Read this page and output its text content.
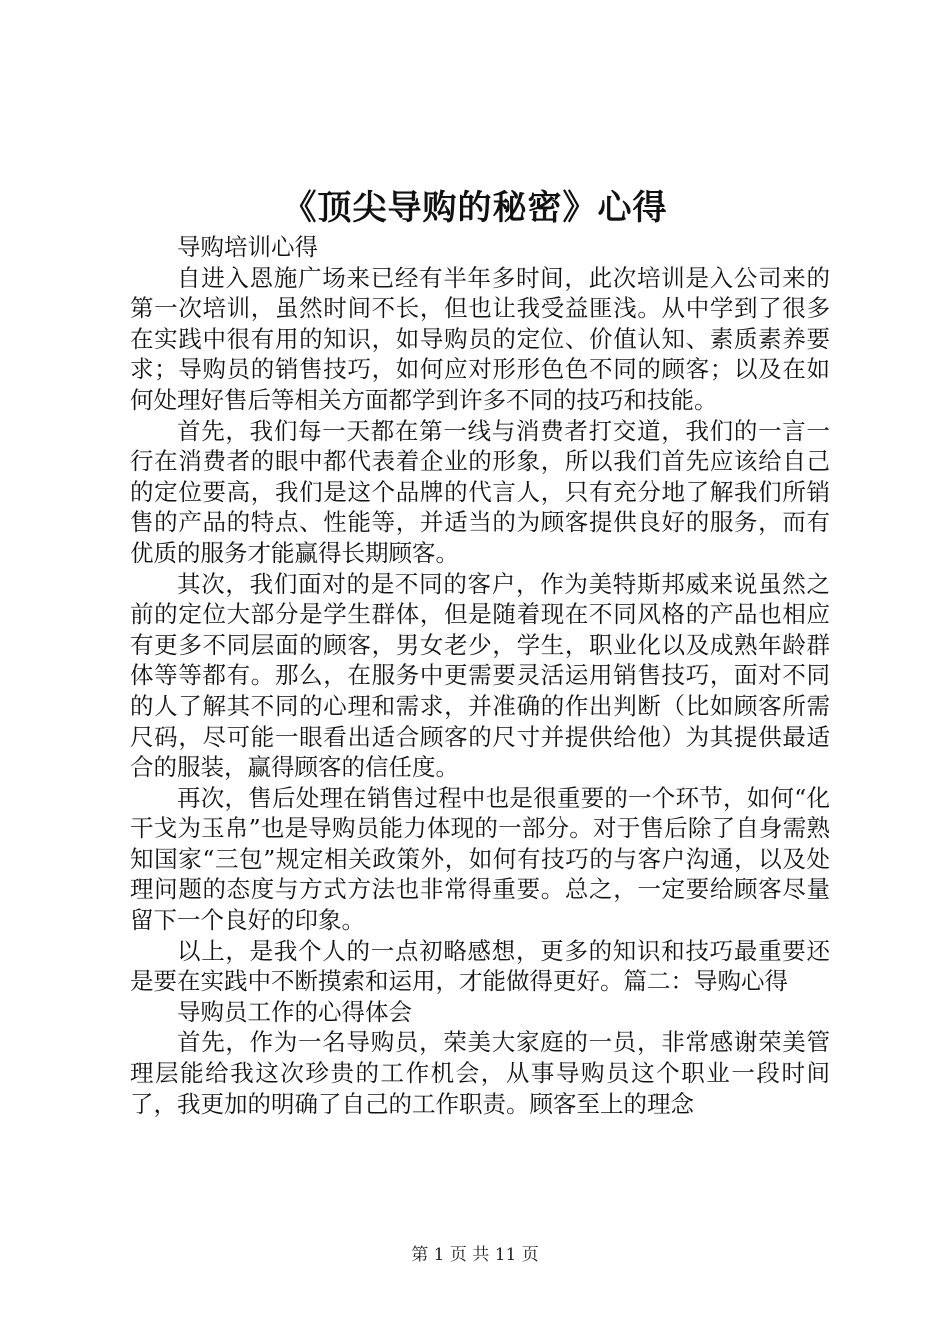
《顶尖导购的秘密》心得

导购培训心得

自进入恩施广场来已经有半年多时间，此次培训是入公司来的第一次培训，虽然时间不长，但也让我受益匪浅。从中学到了很多在实践中很有用的知识，如导购员的定位、价值认知、素质素养要求；导购员的销售技巧，如何应对形形色色不同的顾客；以及在如何处理好售后等相关方面都学到许多不同的技巧和技能。

首先，我们每一天都在第一线与消费者打交道，我们的一言一行在消费者的眼中都代表着企业的形象，所以我们首先应该给自己的定位要高，我们是这个品牌的代言人，只有充分地了解我们所销售的产品的特点、性能等，并适当的为顾客提供良好的服务，而有优质的服务才能赢得长期顾客。

其次，我们面对的是不同的客户，作为美特斯邦威来说虽然之前的定位大部分是学生群体，但是随着现在不同风格的产品也相应有更多不同层面的顾客，男女老少，学生，职业化以及成熟年龄群体等等都有。那么，在服务中更需要灵活运用销售技巧，面对不同的人了解其不同的心理和需求，并准确的作出判断（比如顾客所需尺码，尽可能一眼看出适合顾客的尺寸并提供给他）为其提供最适合的服装，赢得顾客的信任度。

再次，售后处理在销售过程中也是很重要的一个环节，如何“化干戈为玉帛”也是导购员能力体现的一部分。对于售后除了自身需熟知国家“三包”规定相关政策外，如何有技巧的与客户沟通，以及处理问题的态度与方式方法也非常得重要。总之，一定要给顾客尽量留下一个良好的印象。

以上，是我个人的一点初略感想，更多的知识和技巧最重要还是要在实践中不断摸索和运用，才能做得更好。篇二：导购心得

导购员工作的心得体会

首先，作为一名导购员，荣美大家庭的一员，非常感谢荣美管理层能给我这次珍贵的工作机会，从事导购员这个职业一段时间了，我更加的明确了自己的工作职责。顾客至上的理念

第 1 页 共 11 页
